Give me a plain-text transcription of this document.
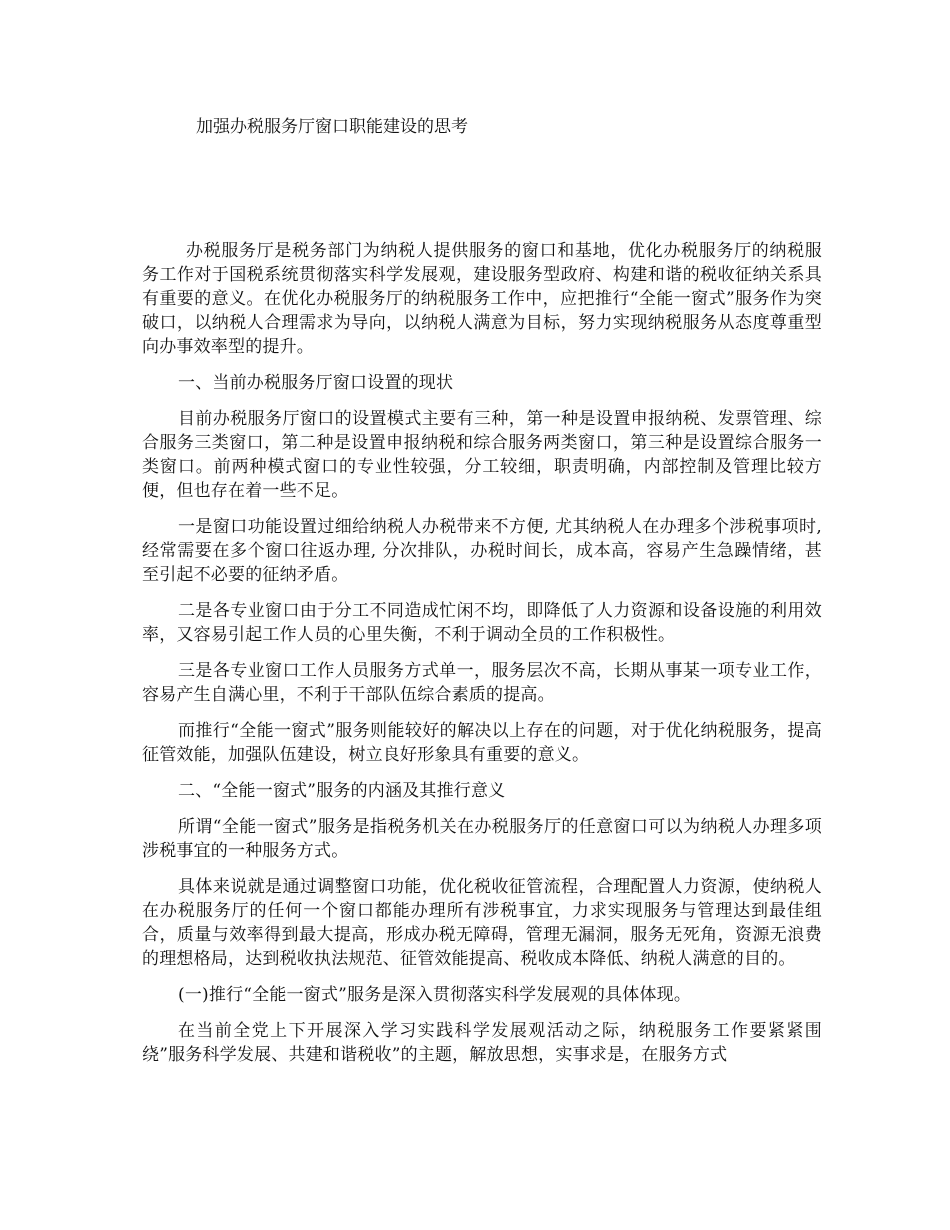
加强办税服务厅窗口职能建设的思考

办税服务厅是税务部门为纳税人提供服务的窗口和基地，优化办税服务厅的纳税服务工作对于国税系统贯彻落实科学发展观，建设服务型政府、构建和谐的税收征纳关系具有重要的意义。在优化办税服务厅的纳税服务工作中，应把推行“全能一窗式”服务作为突破口，以纳税人合理需求为导向，以纳税人满意为目标，努力实现纳税服务从态度尊重型向办事效率型的提升。

一、当前办税服务厅窗口设置的现状

目前办税服务厅窗口的设置模式主要有三种，第一种是设置申报纳税、发票管理、综合服务三类窗口，第二种是设置申报纳税和综合服务两类窗口，第三种是设置综合服务一类窗口。前两种模式窗口的专业性较强，分工较细，职责明确，内部控制及管理比较方便，但也存在着一些不足。

一是窗口功能设置过细给纳税人办税带来不方便, 尤其纳税人在办理多个涉税事项时, 经常需要在多个窗口往返办理, 分次排队，办税时间长，成本高，容易产生急躁情绪，甚至引起不必要的征纳矛盾。

二是各专业窗口由于分工不同造成忙闲不均，即降低了人力资源和设备设施的利用效率，又容易引起工作人员的心里失衡，不利于调动全员的工作积极性。

三是各专业窗口工作人员服务方式单一，服务层次不高，长期从事某一项专业工作，容易产生自满心里，不利于干部队伍综合素质的提高。

而推行“全能一窗式”服务则能较好的解决以上存在的问题，对于优化纳税服务，提高征管效能，加强队伍建设，树立良好形象具有重要的意义。

二、“全能一窗式”服务的内涵及其推行意义

所谓“全能一窗式”服务是指税务机关在办税服务厅的任意窗口可以为纳税人办理多项涉税事宜的一种服务方式。

具体来说就是通过调整窗口功能，优化税收征管流程，合理配置人力资源，使纳税人在办税服务厅的任何一个窗口都能办理所有涉税事宜，力求实现服务与管理达到最佳组合，质量与效率得到最大提高，形成办税无障碍，管理无漏洞，服务无死角，资源无浪费的理想格局，达到税收执法规范、征管效能提高、税收成本降低、纳税人满意的目的。

(一)推行“全能一窗式”服务是深入贯彻落实科学发展观的具体体现。

在当前全党上下开展深入学习实践科学发展观活动之际，纳税服务工作要紧紧围绕”服务科学发展、共建和谐税收”的主题，解放思想，实事求是，在服务方式
